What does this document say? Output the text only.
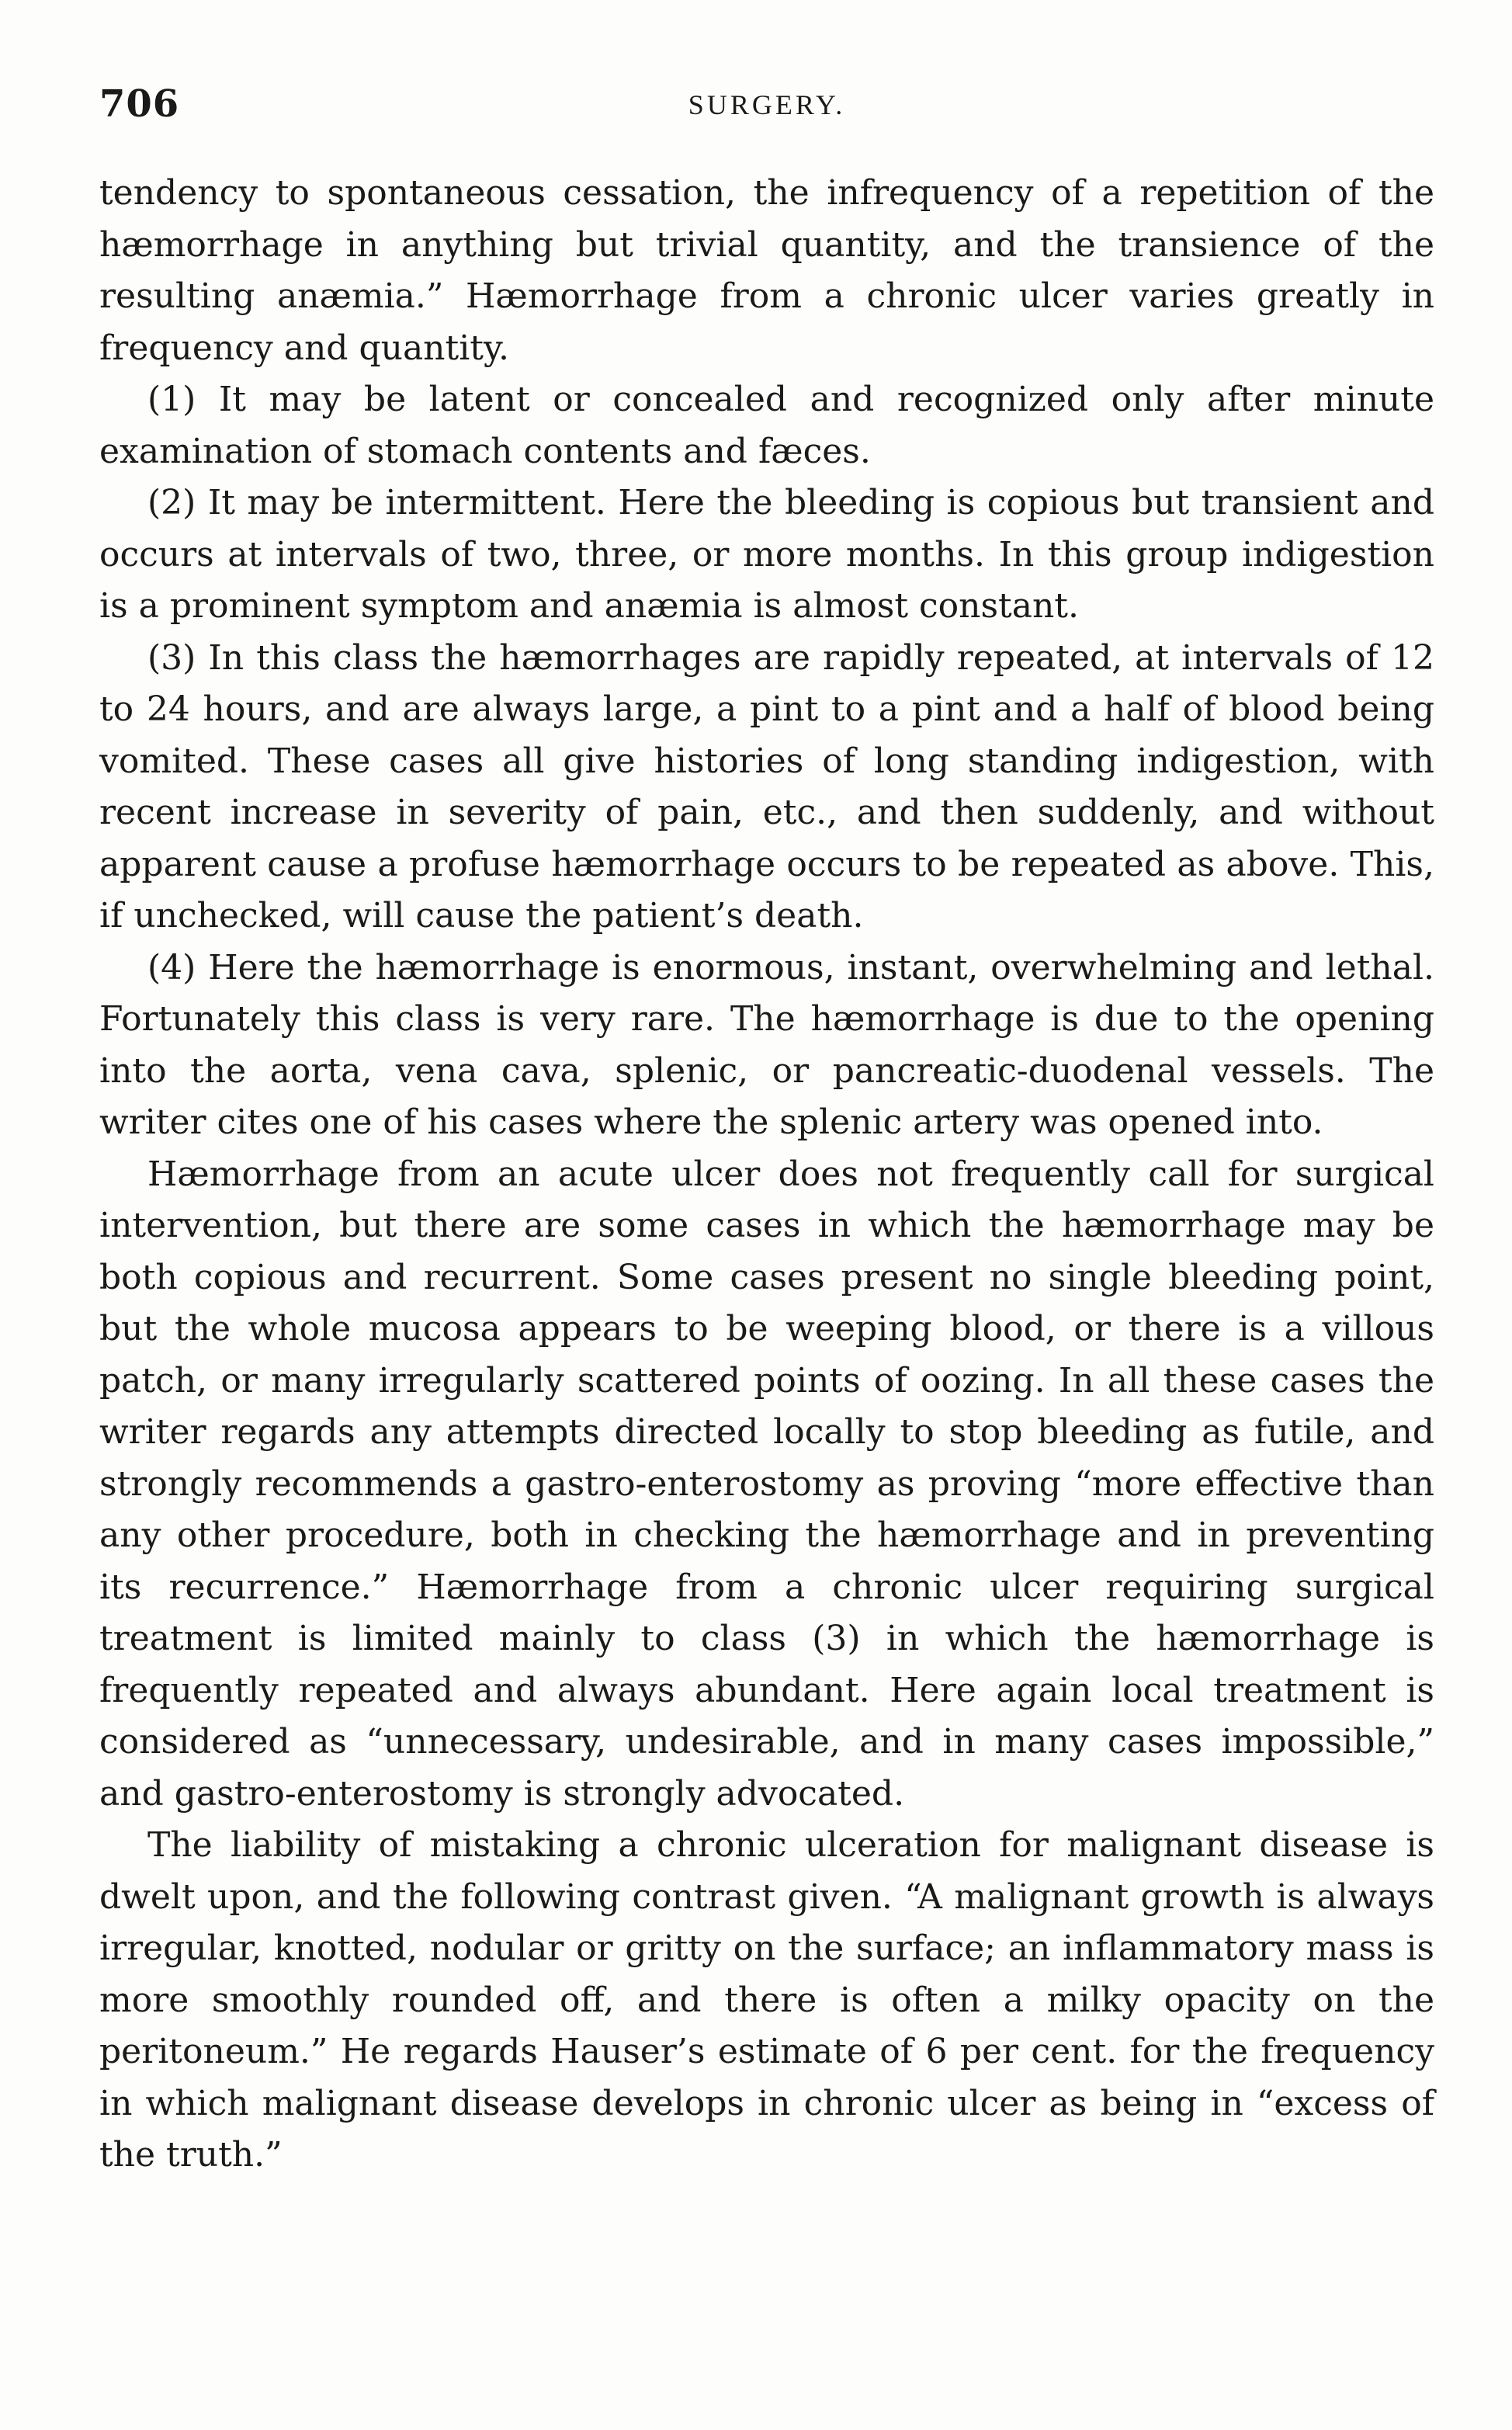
706	SURGERY.

tendency to spontaneous cessation, the infrequency of a repetition of the hæmorrhage in anything but trivial quantity, and the transience of the resulting anæmia.” Hæmorrhage from a chronic ulcer varies greatly in frequency and quantity.

(1) It may be latent or concealed and recognized only after minute examination of stomach contents and fæces.

(2) It may be intermittent. Here the bleeding is copious but transient and occurs at intervals of two, three, or more months. In this group indigestion is a prominent symptom and anæmia is almost constant.

(3) In this class the hæmorrhages are rapidly repeated, at intervals of 12 to 24 hours, and are always large, a pint to a pint and a half of blood being vomited. These cases all give histories of long standing indigestion, with recent increase in severity of pain, etc., and then suddenly, and without apparent cause a profuse hæmorrhage occurs to be repeated as above. This, if unchecked, will cause the patient’s death.

(4) Here the hæmorrhage is enormous, instant, overwhelming and lethal. Fortunately this class is very rare. The hæmorrhage is due to the opening into the aorta, vena cava, splenic, or pancreatic-duodenal vessels. The writer cites one of his cases where the splenic artery was opened into.

Hæmorrhage from an acute ulcer does not frequently call for surgical intervention, but there are some cases in which the hæmorrhage may be both copious and recurrent. Some cases present no single bleeding point, but the whole mucosa appears to be weeping blood, or there is a villous patch, or many irregularly scattered points of oozing. In all these cases the writer regards any attempts directed locally to stop bleeding as futile, and strongly recommends a gastro-enterostomy as proving “more effective than any other procedure, both in checking the hæmorrhage and in preventing its recurrence.” Hæmorrhage from a chronic ulcer requiring surgical treatment is limited mainly to class (3) in which the hæmorrhage is frequently repeated and always abundant. Here again local treatment is considered as “unnecessary, undesirable, and in many cases impossible,” and gastro-enterostomy is strongly advocated.

The liability of mistaking a chronic ulceration for malignant disease is dwelt upon, and the following contrast given. “A malignant growth is always irregular, knotted, nodular or gritty on the surface; an inflammatory mass is more smoothly rounded off, and there is often a milky opacity on the peritoneum.” He regards Hauser’s estimate of 6 per cent. for the frequency in which malignant disease develops in chronic ulcer as being in “excess of the truth.”
